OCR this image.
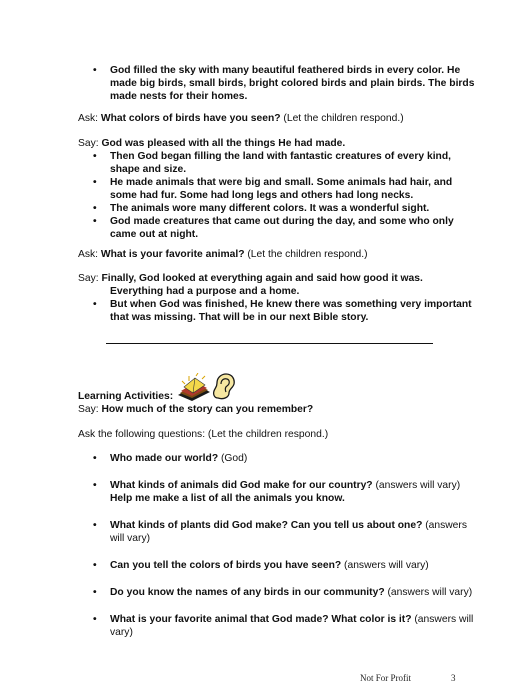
• God filled the sky with many beautiful feathered birds in every color. He made big birds, small birds, bright colored birds and plain birds. The birds made nests for their homes.

Ask: What colors of birds have you seen? (Let the children respond.)

Say: God was pleased with all the things He had made.

• Then God began filling the land with fantastic creatures of every kind, shape and size.
• He made animals that were big and small. Some animals had hair, and some had fur. Some had long legs and others had long necks.
• The animals wore many different colors. It was a wonderful sight.
• God made creatures that came out during the day, and some who only came out at night.

Ask: What is your favorite animal? (Let the children respond.)

Say: Finally, God looked at everything again and said how good it was.
Everything had a purpose and a home.

• But when God was finished, He knew there was something very important that was missing. That will be in our next Bible story.

Learning Activities:
Say: How much of the story can you remember?

Ask the following questions: (Let the children respond.)

• Who made our world? (God)
• What kinds of animals did God make for our country? (answers will vary) Help me make a list of all the animals you know.
• What kinds of plants did God make? Can you tell us about one? (answers will vary)
• Can you tell the colors of birds you have seen? (answers will vary)
• Do you know the names of any birds in our community? (answers will vary)
• What is your favorite animal that God made? What color is it? (answers will vary)
Not For Profit	3
